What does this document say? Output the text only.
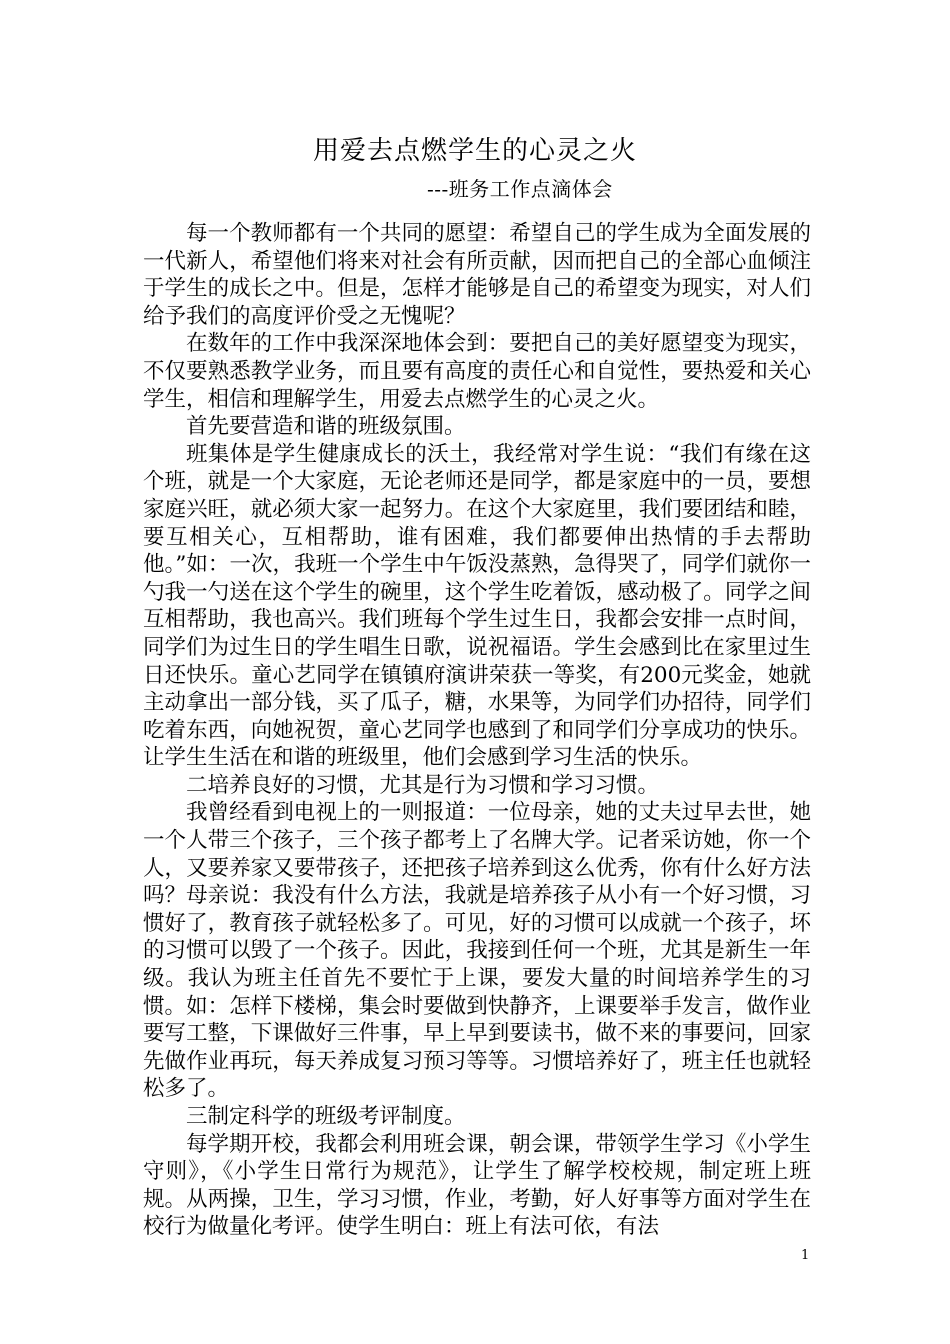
用爱去点燃学生的心灵之火
---班务工作点滴体会

每一个教师都有一个共同的愿望：希望自己的学生成为全面发展的一代新人，希望他们将来对社会有所贡献，因而把自己的全部心血倾注于学生的成长之中。但是，怎样才能够是自己的希望变为现实，对人们给予我们的高度评价受之无愧呢？

在数年的工作中我深深地体会到：要把自己的美好愿望变为现实，不仅要熟悉教学业务，而且要有高度的责任心和自觉性，要热爱和关心学生，相信和理解学生，用爱去点燃学生的心灵之火。

首先要营造和谐的班级氛围。

班集体是学生健康成长的沃土，我经常对学生说：“我们有缘在这个班，就是一个大家庭，无论老师还是同学，都是家庭中的一员，要想家庭兴旺，就必须大家一起努力。在这个大家庭里，我们要团结和睦，要互相关心，互相帮助，谁有困难，我们都要伸出热情的手去帮助他。”如：一次，我班一个学生中午饭没蒸熟，急得哭了，同学们就你一勺我一勺送在这个学生的碗里，这个学生吃着饭，感动极了。同学之间互相帮助，我也高兴。我们班每个学生过生日，我都会安排一点时间，同学们为过生日的学生唱生日歌，说祝福语。学生会感到比在家里过生日还快乐。童心艺同学在镇镇府演讲荣获一等奖，有200元奖金，她就主动拿出一部分钱，买了瓜子，糖，水果等，为同学们办招待，同学们吃着东西，向她祝贺，童心艺同学也感到了和同学们分享成功的快乐。让学生生活在和谐的班级里，他们会感到学习生活的快乐。

二培养良好的习惯，尤其是行为习惯和学习习惯。

我曾经看到电视上的一则报道：一位母亲，她的丈夫过早去世，她一个人带三个孩子，三个孩子都考上了名牌大学。记者采访她，你一个人，又要养家又要带孩子，还把孩子培养到这么优秀，你有什么好方法吗？母亲说：我没有什么方法，我就是培养孩子从小有一个好习惯，习惯好了，教育孩子就轻松多了。可见，好的习惯可以成就一个孩子，坏的习惯可以毁了一个孩子。因此，我接到任何一个班，尤其是新生一年级。我认为班主任首先不要忙于上课，要发大量的时间培养学生的习惯。如：怎样下楼梯，集会时要做到快静齐，上课要举手发言，做作业要写工整，下课做好三件事，早上早到要读书，做不来的事要问，回家先做作业再玩，每天养成复习预习等等。习惯培养好了，班主任也就轻松多了。

三制定科学的班级考评制度。

每学期开校，我都会利用班会课，朝会课，带领学生学习《小学生守则》，《小学生日常行为规范》，让学生了解学校校规，制定班上班规。从两操，卫生，学习习惯，作业，考勤，好人好事等方面对学生在校行为做量化考评。使学生明白：班上有法可依，有法

1
